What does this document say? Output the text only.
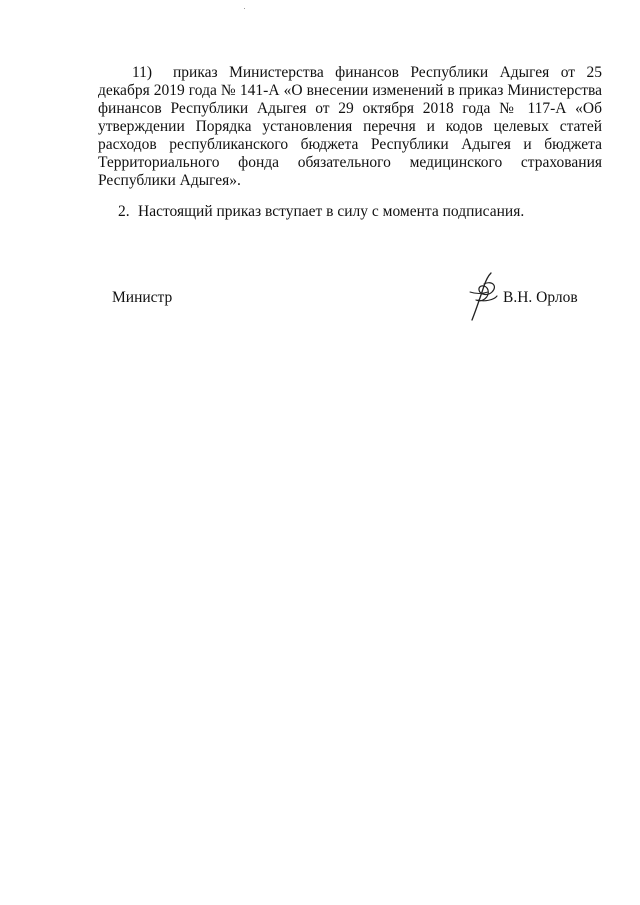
11) приказ Министерства финансов Республики Адыгея от 25 декабря 2019 года № 141-А «О внесении изменений в приказ Министерства финансов Республики Адыгея от 29 октября 2018 года № 117-А «Об утверждении Порядка установления перечня и кодов целевых статей расходов республиканского бюджета Республики Адыгея и бюджета Территориального фонда обязательного медицинского страхования Республики Адыгея».

2. Настоящий приказ вступает в силу с момента подписания.

Министр	В.Н. Орлов
